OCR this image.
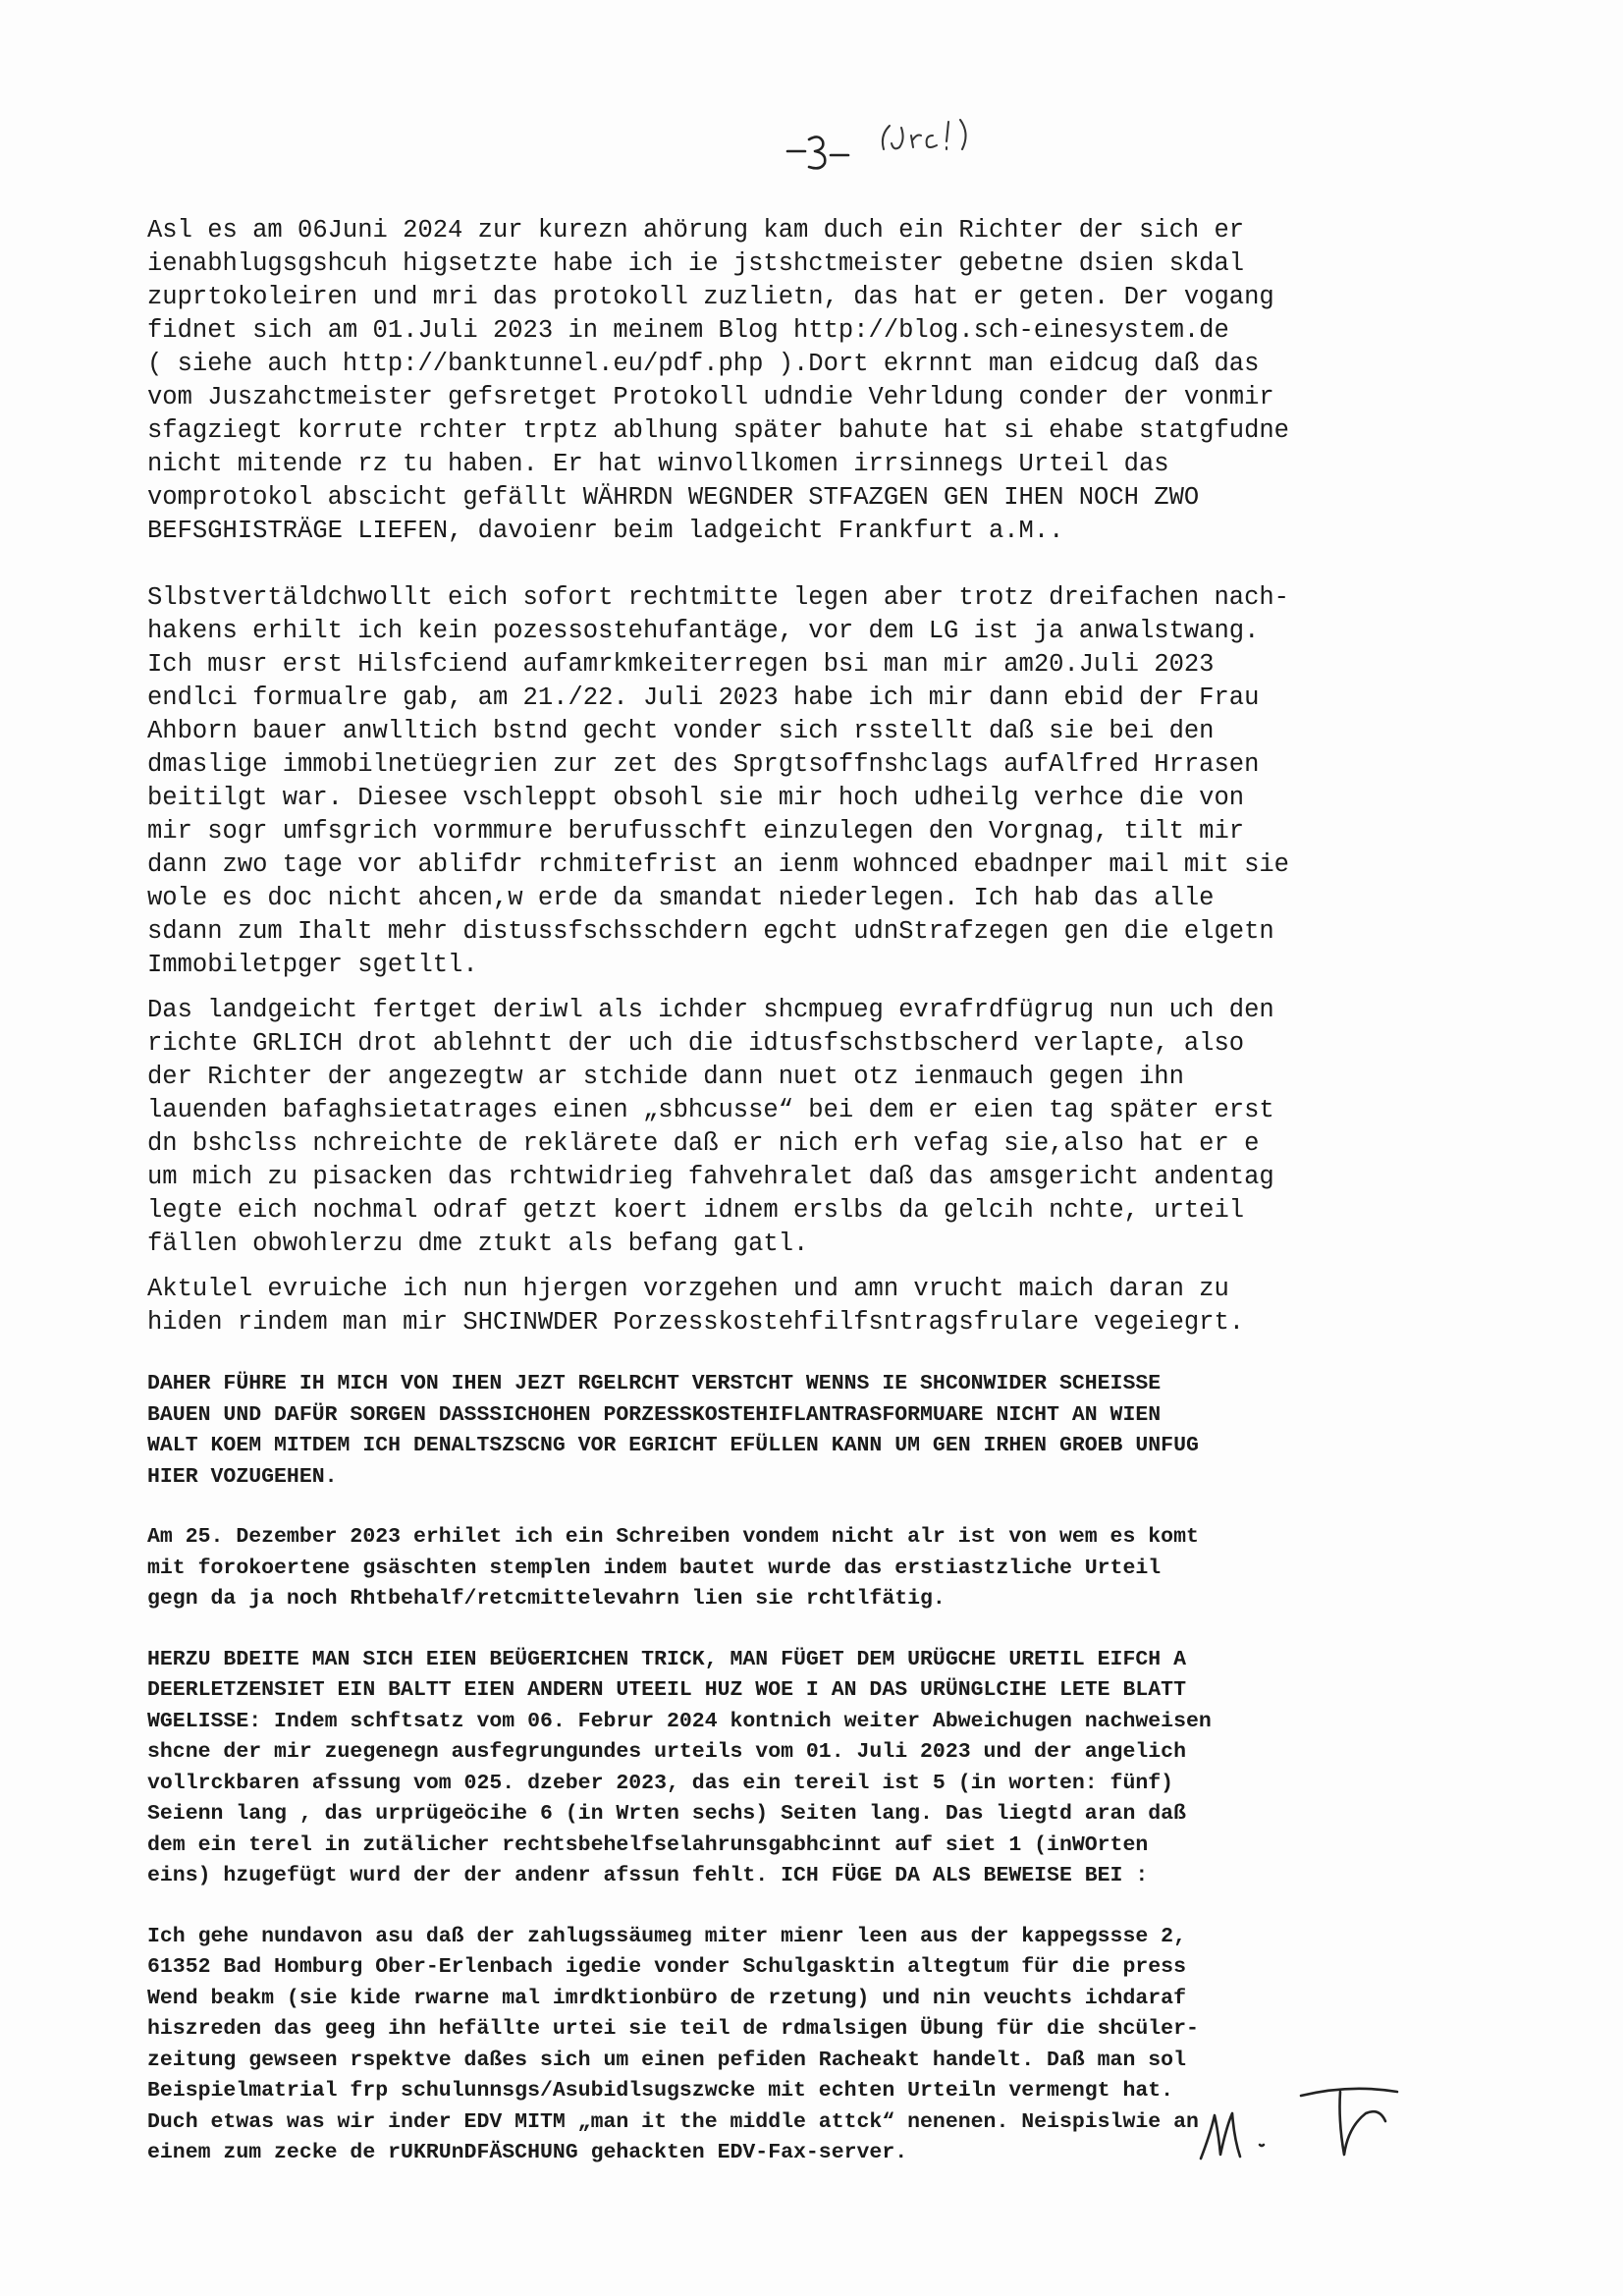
Asl es am 06Juni 2024 zur kurezn ahörung kam duch ein Richter der sich er
ienabhlugsgshcuh higsetzte habe ich ie jstshctmeister gebetne dsien skdal
zuprtokoleiren und mri das protokoll zuzlietn, das hat er geten. Der vogang
fidnet sich am 01.Juli 2023 in meinem Blog http://blog.sch-einesystem.de
( siehe auch http://banktunnel.eu/pdf.php ).Dort ekrnnt man eidcug daß das
vom Juszahctmeister gefsretget Protokoll udndie Vehrldung conder der vonmir
sfagziegt korrute rchter trptz ablhung später bahute hat si ehabe statgfudne
nicht mitende rz tu haben. Er hat winvollkomen irrsinnegs Urteil das
vomprotokol abscicht gefällt WÄHRDN WEGNDER STFAZGEN GEN IHEN NOCH ZWO
BEFSGHISTRÄGE LIEFEN, davoienr beim ladgeicht Frankfurt a.M..

Slbstvertäldchwollt eich sofort rechtmitte legen aber trotz dreifachen nach-
hakens erhilt ich kein pozessostehufantäge, vor dem LG ist ja anwalstwang.
Ich musr erst Hilsfciend aufamrkmkeiterregen bsi man mir am20.Juli 2023
endlci formualre gab, am 21./22. Juli 2023 habe ich mir dann ebid der Frau
Ahborn bauer anwlltich bstnd gecht vonder sich rsstellt daß sie bei den
dmaslige immobilnetüegrien zur zet des Sprgtsoffnshclags aufAlfred Hrrasen
beitilgt war. Diesee vschleppt obsohl sie mir hoch udheilg verhce die von
mir sogr umfsgrich vormmure berufusschft einzulegen den Vorgnag, tilt mir
dann zwo tage vor ablifdr rchmitefrist an ienm wohnced ebadnper mail mit sie
wole es doc nicht ahcen,w erde da smandat niederlegen. Ich hab das alle
sdann zum Ihalt mehr distussfschsschdern egcht udnStrafzegen gen die elgetn
Immobiletpger sgetltl.

Das landgeicht fertget deriwl als ichder shcmpueg evrafrdfügrug nun uch den
richte GRLICH drot ablehntt der uch die idtusfschstbscherd verlapte, also
der Richter der angezegtw ar stchide dann nuet otz ienmauch gegen ihn
lauenden bafaghsietatrages einen „sbhcusse“ bei dem er eien tag später erst
dn bshclss nchreichte de reklärete daß er nich erh vefag sie,also hat er e
um mich zu pisacken das rchtwidrieg fahvehralet daß das amsgericht andentag
legte eich nochmal odraf getzt koert idnem erslbs da gelcih nchte, urteil
fällen obwohlerzu dme ztukt als befang gatl.

Aktulel evruiche ich nun hjergen vorzgehen und amn vrucht maich daran zu
hiden rindem man mir SHCINWDER Porzesskostehfilfsntragsfrulare vegeiegrt.

DAHER FÜHRE IH MICH VON IHEN JEZT RGELRCHT VERSTCHT WENNS IE SHCONWIDER SCHEISSE
BAUEN UND DAFÜR SORGEN DASSSICHOHEN PORZESSKOSTEHIFLANTRASFORMUARE NICHT AN WIEN
WALT KOEM MITDEM ICH DENALTSZSCNG VOR EGRICHT EFÜLLEN KANN UM GEN IRHEN GROEB UNFUG
HIER VOZUGEHEN.

Am 25. Dezember 2023 erhilet ich ein Schreiben vondem nicht alr ist von wem es komt
mit forokoertene gsäschten stemplen indem bautet wurde das erstiastzliche Urteil
gegn da ja noch Rhtbehalf/retcmittelevahrn lien sie rchtlfätig.

HERZU BDEITE MAN SICH EIEN BEÜGERICHEN TRICK, MAN FÜGET DEM URÜGCHE URETIL EIFCH A
DEERLETZENSIET EIN BALTT EIEN ANDERN UTEEIL HUZ WOE I AN DAS URÜNGLCIHE LETE BLATT
WGELISSE: Indem schftsatz vom 06. Februr 2024 kontnich weiter Abweichugen nachweisen
shcne der mir zuegenegn ausfegrungundes urteils vom 01. Juli 2023 und der angelich
vollrckbaren afssung vom 025. dzeber 2023, das ein tereil ist 5 (in worten: fünf)
Seienn lang , das urprügeöcihe 6 (in Wrten sechs) Seiten lang. Das liegtd aran daß
dem ein terel in zutälicher rechtsbehelfselahrunsgabhcinnt auf siet 1 (inWOrten
eins) hzugefügt wurd der der andenr afssun fehlt. ICH FÜGE DA ALS BEWEISE BEI :

Ich gehe nundavon asu daß der zahlugssäumeg miter mienr leen aus der kappegssse 2,
61352 Bad Homburg Ober-Erlenbach igedie vonder Schulgasktin altegtum für die press
Wend beakm (sie kide rwarne mal imrdktionbüro de rzetung) und nin veuchts ichdaraf
hiszreden das geeg ihn hefällte urtei sie teil de rdmalsigen Übung für die shcüler-
zeitung gewseen rspektve daßes sich um einen pefiden Racheakt handelt. Daß man sol
Beispielmatrial frp schulunnsgs/Asubidlsugszwcke mit echten Urteiln vermengt hat.
Duch etwas was wir inder EDV MITM „man it the middle attck“ nenenen. Neispislwie an
einem zum zecke de rUKRUnDFÄSCHUNG gehackten EDV-Fax-server.
